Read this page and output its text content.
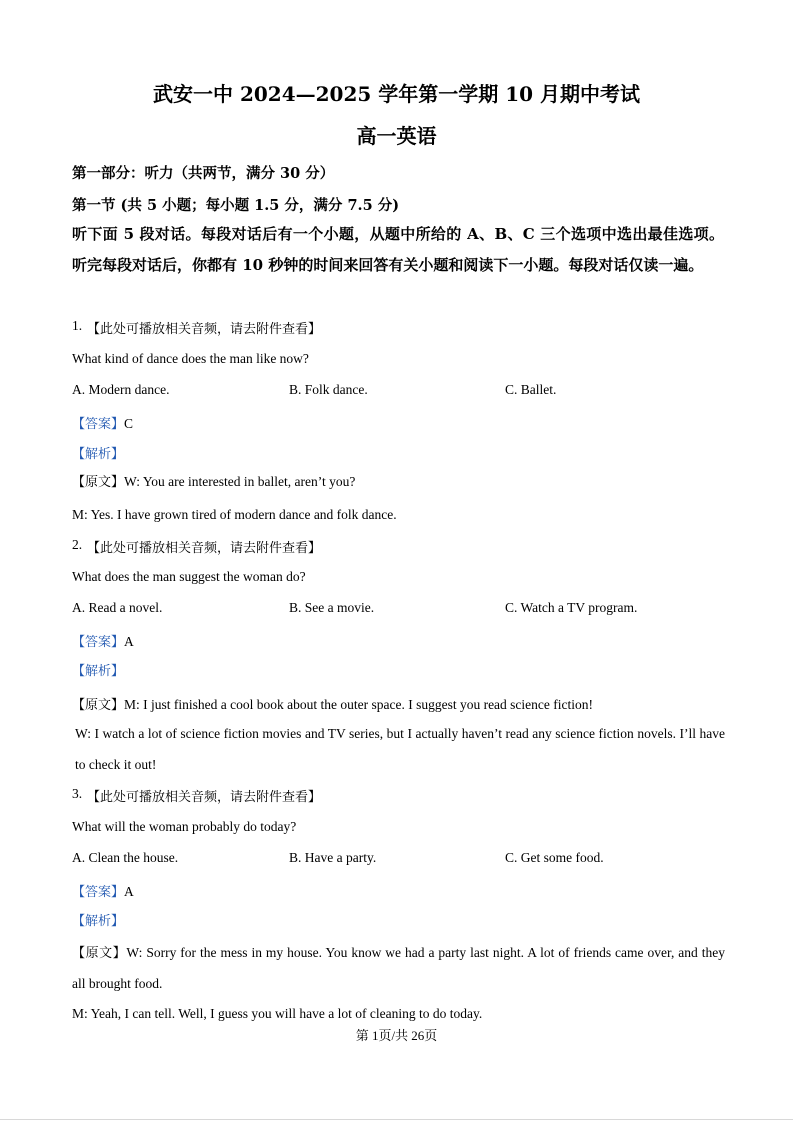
武安一中 2024—2025 学年第一学期 10 月期中考试
高一英语
第一部分：听力（共两节，满分 30 分）
第一节 (共 5 小题；每小题 1.5 分，满分 7.5 分)
听下面 5 段对话。每段对话后有一个小题，从题中所给的 A、B、C 三个选项中选出最佳选项。听完每段对话后，你都有 10 秒钟的时间来回答有关小题和阅读下一小题。每段对话仅读一遍。
1. 【此处可播放相关音频，请去附件查看】
What kind of dance does the man like now?
A. Modern dance.	B. Folk dance.	C. Ballet.
【答案】C
【解析】
【原文】W: You are interested in ballet, aren’t you?
M: Yes. I have grown tired of modern dance and folk dance.
2. 【此处可播放相关音频，请去附件查看】
What does the man suggest the woman do?
A. Read a novel.	B. See a movie.	C. Watch a TV program.
【答案】A
【解析】
【原文】M: I just finished a cool book about the outer space. I suggest you read science fiction!
W: I watch a lot of science fiction movies and TV series, but I actually haven’t read any science fiction novels. I’ll have to check it out!
3. 【此处可播放相关音频，请去附件查看】
What will the woman probably do today?
A. Clean the house.	B. Have a party.	C. Get some food.
【答案】A
【解析】
【原文】W: Sorry for the mess in my house. You know we had a party last night. A lot of friends came over, and they all brought food.
M: Yeah, I can tell. Well, I guess you will have a lot of cleaning to do today.
第 1页/共 26页
